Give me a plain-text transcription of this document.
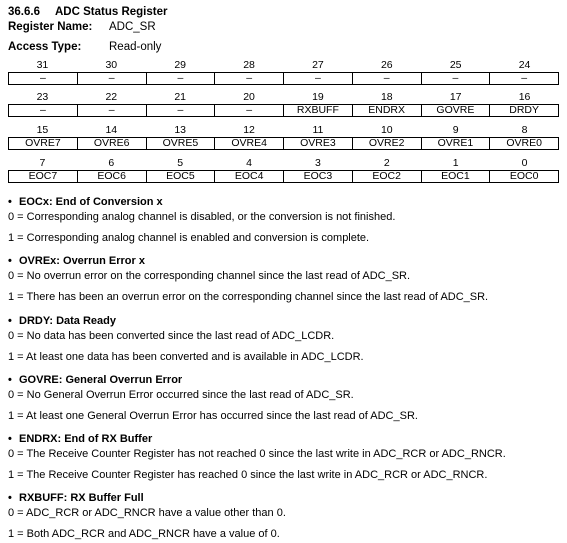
36.6.6 ADC Status Register
Register Name: ADC_SR
Access Type: Read-only
31	30	29	28	27	26	25	24
–	–	–	–	–	–	–	–
23	22	21	20	19	18	17	16
–	–	–	–	RXBUFF	ENDRX	GOVRE	DRDY
15	14	13	12	11	10	9	8
OVRE7	OVRE6	OVRE5	OVRE4	OVRE3	OVRE2	OVRE1	OVRE0
7	6	5	4	3	2	1	0
EOC7	EOC6	EOC5	EOC4	EOC3	EOC2	EOC1	EOC0
• EOCx: End of Conversion x
0 = Corresponding analog channel is disabled, or the conversion is not finished.
1 = Corresponding analog channel is enabled and conversion is complete.
• OVREx: Overrun Error x
0 = No overrun error on the corresponding channel since the last read of ADC_SR.
1 = There has been an overrun error on the corresponding channel since the last read of ADC_SR.
• DRDY: Data Ready
0 = No data has been converted since the last read of ADC_LCDR.
1 = At least one data has been converted and is available in ADC_LCDR.
• GOVRE: General Overrun Error
0 = No General Overrun Error occurred since the last read of ADC_SR.
1 = At least one General Overrun Error has occurred since the last read of ADC_SR.
• ENDRX: End of RX Buffer
0 = The Receive Counter Register has not reached 0 since the last write in ADC_RCR or ADC_RNCR.
1 = The Receive Counter Register has reached 0 since the last write in ADC_RCR or ADC_RNCR.
• RXBUFF: RX Buffer Full
0 = ADC_RCR or ADC_RNCR have a value other than 0.
1 = Both ADC_RCR and ADC_RNCR have a value of 0.
